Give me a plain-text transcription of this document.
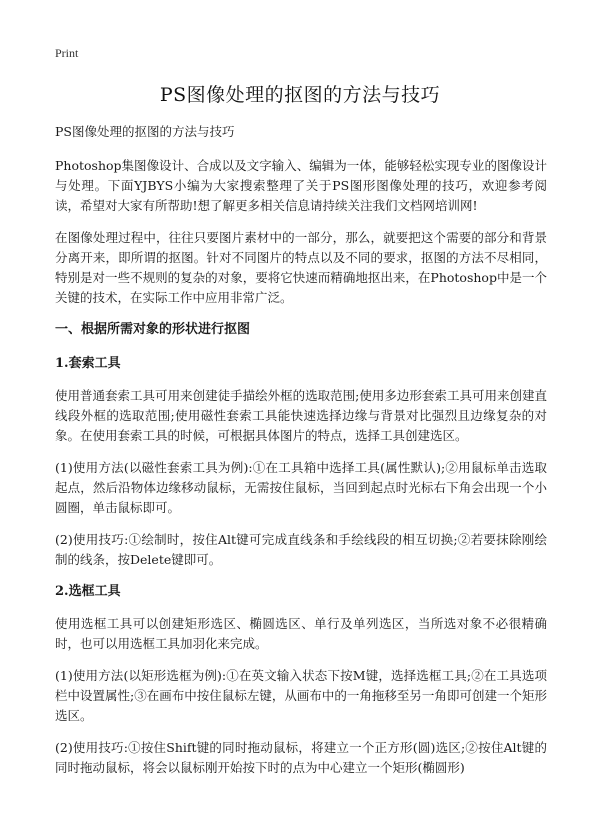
Print
PS图像处理的抠图的方法与技巧

PS图像处理的抠图的方法与技巧

Photoshop集图像设计、合成以及文字输入、编辑为一体，能够轻松实现专业的图像设计与处理。下面YJBYS小编为大家搜索整理了关于PS图形图像处理的技巧，欢迎参考阅读，希望对大家有所帮助!想了解更多相关信息请持续关注我们文档网培训网!

在图像处理过程中，往往只要图片素材中的一部分，那么，就要把这个需要的部分和背景分离开来，即所谓的抠图。针对不同图片的特点以及不同的要求，抠图的方法不尽相同，特别是对一些不规则的复杂的对象，要将它快速而精确地抠出来，在Photoshop中是一个关键的技术，在实际工作中应用非常广泛。

一、根据所需对象的形状进行抠图
1.套索工具

使用普通套索工具可用来创建徒手描绘外框的选取范围;使用多边形套索工具可用来创建直线段外框的选取范围;使用磁性套索工具能快速选择边缘与背景对比强烈且边缘复杂的对象。在使用套索工具的时候，可根据具体图片的特点，选择工具创建选区。

(1)使用方法(以磁性套索工具为例):①在工具箱中选择工具(属性默认);②用鼠标单击选取起点，然后沿物体边缘移动鼠标，无需按住鼠标，当回到起点时光标右下角会出现一个小圆圈，单击鼠标即可。

(2)使用技巧:①绘制时，按住Alt键可完成直线条和手绘线段的相互切换;②若要抹除刚绘制的线条，按Delete键即可。

2.选框工具

使用选框工具可以创建矩形选区、椭圆选区、单行及单列选区，当所选对象不必很精确时，也可以用选框工具加羽化来完成。

(1)使用方法(以矩形选框为例):①在英文输入状态下按M键，选择选框工具;②在工具选项栏中设置属性;③在画布中按住鼠标左键，从画布中的一角拖移至另一角即可创建一个矩形选区。

(2)使用技巧:①按住Shift键的同时拖动鼠标，将建立一个正方形(圆)选区;②按住Alt键的同时拖动鼠标，将会以鼠标刚开始按下时的点为中心建立一个矩形(椭圆形)
